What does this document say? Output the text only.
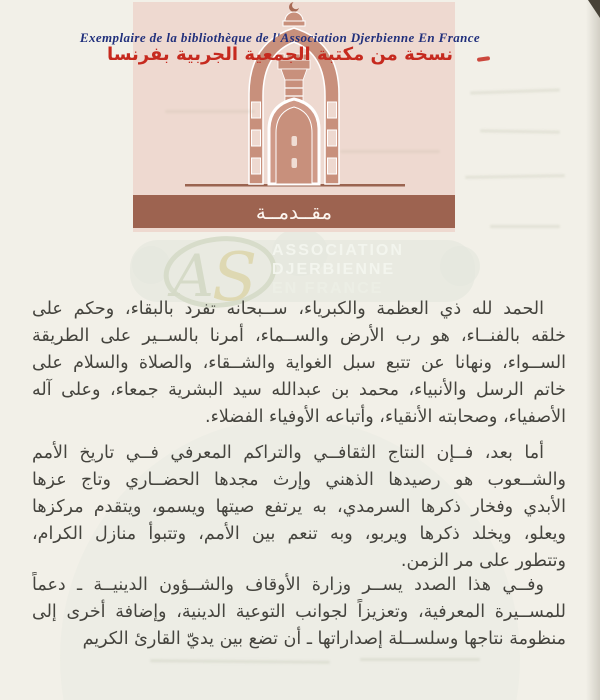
Exemplaire de la bibliothèque de l'Association Djerbienne En France
نسخة من مكتبة الجمعية الجربية بفرنسا
مقــدمــة
A
S ASSOCIATION
DJERBIENNE
EN FRANCE
الحمد لله ذي العظمة والكبرياء، ســبحانه تفرد بالبقاء، وحكم على
خلقه بالفنــاء، هو رب الأرض والســماء، أمرنا بالســير على الطريقة
الســواء، ونهانا عن تتبع سبل الغواية والشــقاء، والصلاة والسلام على
خاتم الرسل والأنبياء، محمد بن عبدالله سيد البشرية جمعاء، وعلى آله
الأصفياء، وصحابته الأنقياء، وأتباعه الأوفياء الفضلاء.
أما بعد، فــإن النتاج الثقافــي والتراكم المعرفي فــي تاريخ الأمم
والشــعوب هو رصيدها الذهني وإرث مجدها الحضــاري وتاج عزها
الأبدي وفخار ذكرها السرمدي، به يرتفع صيتها ويسمو، ويتقدم مركزها
ويعلو، ويخلد ذكرها ويربو، وبه تنعم بين الأمم، وتتبوأ منازل الكرام،
وتتطور على مر الزمن.
وفــي هذا الصدد يســر وزارة الأوقاف والشــؤون الدينيــة ـ دعماً
للمســيرة المعرفية، وتعزيزاً لجوانب التوعية الدينية، وإضافة أخرى إلى
منظومة نتاجها وسلســلة إصداراتها ـ أن تضع بين يديّ القارئ الكريم
